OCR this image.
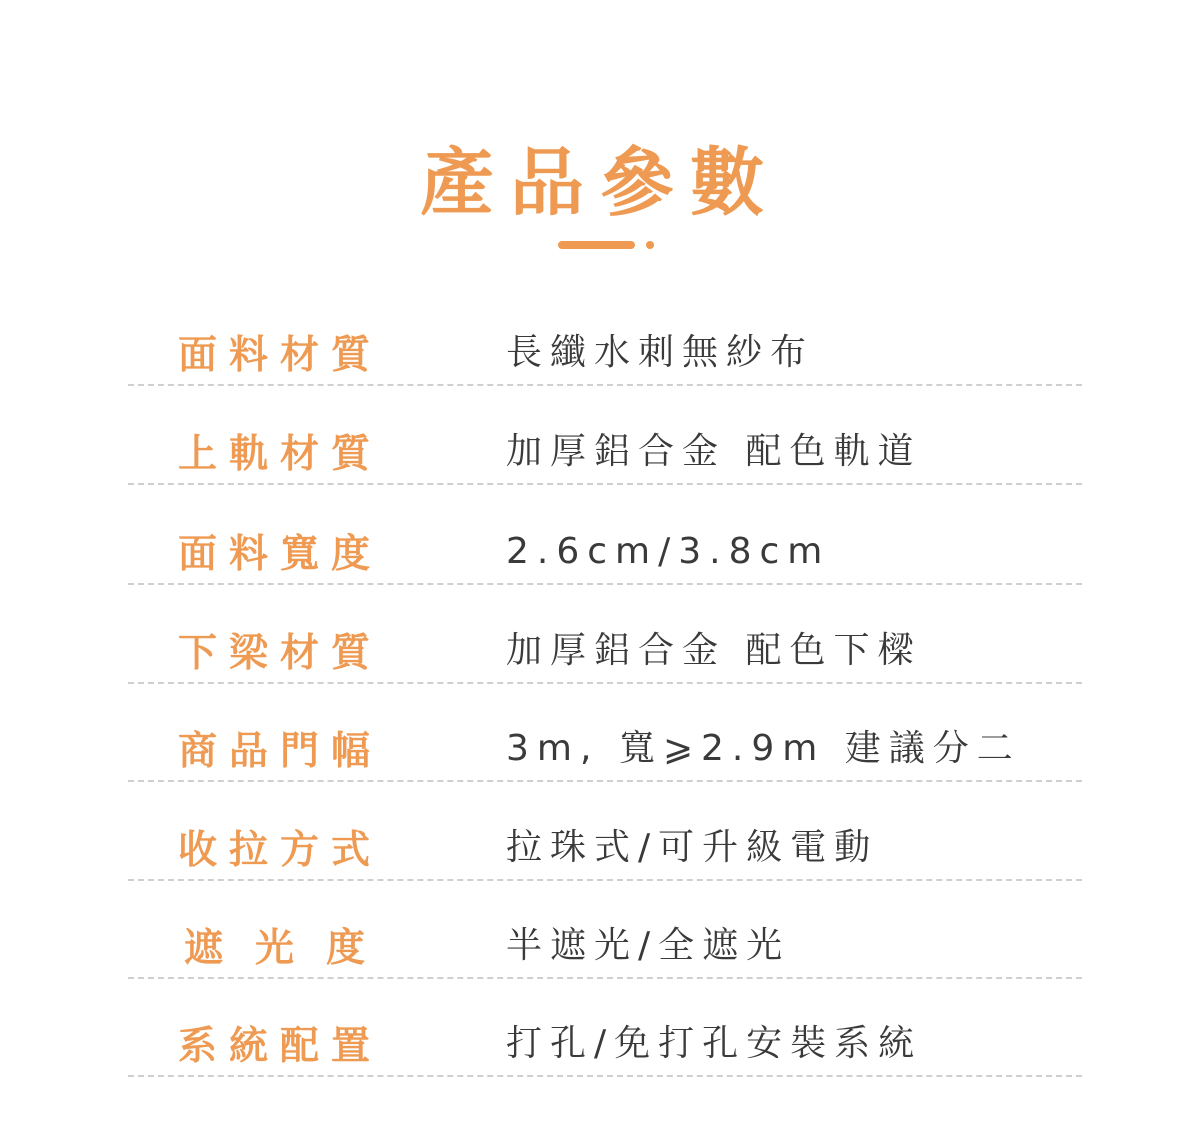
產品參數
面料材質	長纖水刺無紗布
上軌材質	加厚鋁合金 配色軌道
面料寬度	2.6cm/3.8cm
下梁材質	加厚鋁合金 配色下樑
商品門幅	3m, 寬⩾2.9m 建議分二
收拉方式	拉珠式/可升級電動
遮光度	半遮光/全遮光
系統配置	打孔/免打孔安裝系統
